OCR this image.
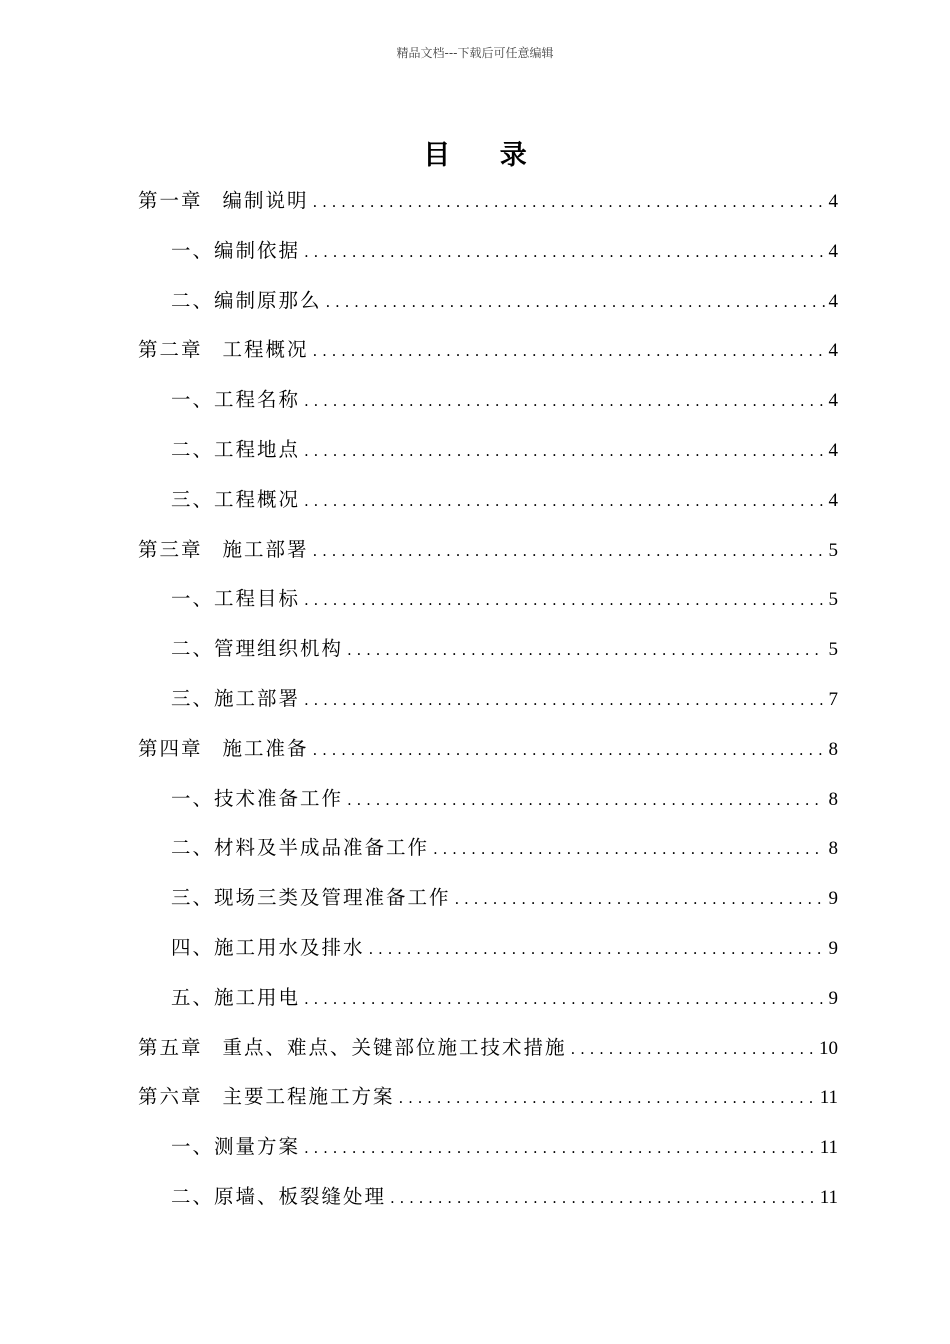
精品文档---下载后可任意编辑
目 录
第一章 编制说明 . . .	4
一、编制依据 . . .	4
二、编制原那么 . . .	4
第二章 工程概况 . . .	4
一、工程名称 . . .	4
二、工程地点 . . .	4
三、工程概况 . . .	4
第三章 施工部署 . . .	5
一、工程目标 . . .	5
二、管理组织机构 . . .	5
三、施工部署 . . .	7
第四章 施工准备 . . .	8
一、技术准备工作 . . .	8
二、材料及半成品准备工作 . . .	8
三、现场三类及管理准备工作 . . .	9
四、施工用水及排水 . . .	9
五、施工用电 . . .	9
第五章 重点、难点、关键部位施工技术措施 . . .	10
第六章 主要工程施工方案 . . .	11
一、测量方案 . . .	11
二、原墙、板裂缝处理 . . .	11
